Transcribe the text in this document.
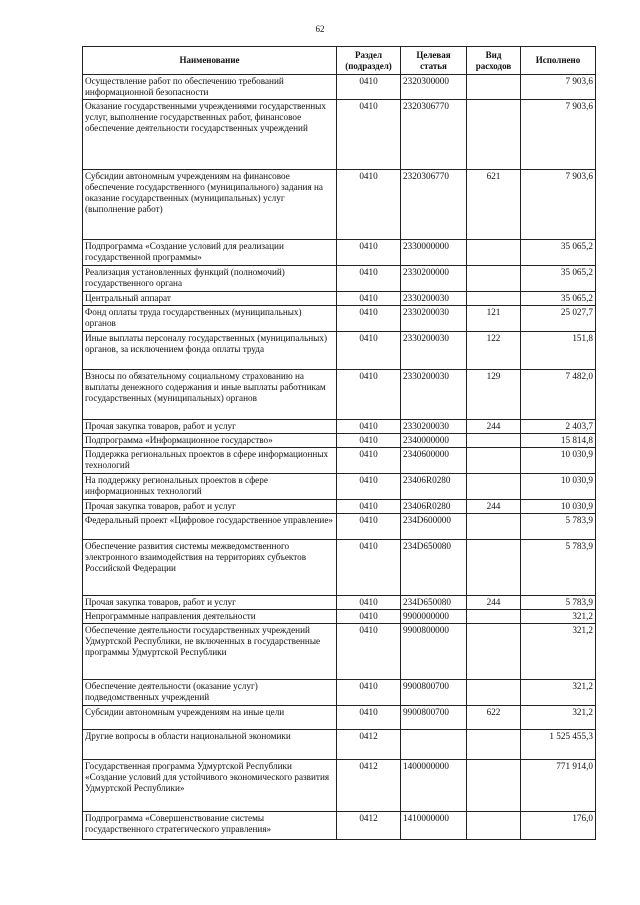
62
Наименование	Раздел (подраздел)	Целевая статья	Вид расходов	Исполнено
Осуществление работ по обеспечению требований информационной безопасности	0410	2320300000		7 903,6
Оказание государственными учреждениями государственных услуг, выполнение государственных работ, финансовое обеспечение деятельности государственных учреждений	0410	2320306770		7 903,6
Субсидии автономным учреждениям на финансовое обеспечение государственного (муниципального) задания на оказание государственных (муниципальных) услуг (выполнение работ)	0410	2320306770	621	7 903,6
Подпрограмма «Создание условий для реализации государственной программы»	0410	2330000000		35 065,2
Реализация установленных функций (полномочий) государственного органа	0410	2330200000		35 065,2
Центральный аппарат	0410	2330200030		35 065,2
Фонд оплаты труда государственных (муниципальных) органов	0410	2330200030	121	25 027,7
Иные выплаты персоналу государственных (муниципальных) органов, за исключением фонда оплаты труда	0410	2330200030	122	151,8
Взносы по обязательному социальному страхованию на выплаты денежного содержания и иные выплаты работникам государственных (муниципальных) органов	0410	2330200030	129	7 482,0
Прочая закупка товаров, работ и услуг	0410	2330200030	244	2 403,7
Подпрограмма «Информационное государство»	0410	2340000000		15 814,8
Поддержка региональных проектов в сфере информационных технологий	0410	2340600000		10 030,9
На поддержку региональных проектов в сфере информационных технологий	0410	23406R0280		10 030,9
Прочая закупка товаров, работ и услуг	0410	23406R0280	244	10 030,9
Федеральный проект «Цифровое государственное управление»	0410	234D600000		5 783,9
Обеспечение развития системы межведомственного электронного взаимодействия на территориях субъектов Российской Федерации	0410	234D650080		5 783,9
Прочая закупка товаров, работ и услуг	0410	234D650080	244	5 783,9
Непрограммные направления деятельности	0410	9900000000		321,2
Обеспечение деятельности государственных учреждений Удмуртской Республики, не включенных в государственные программы Удмуртской Республики	0410	9900800000		321,2
Обеспечение деятельности (оказание услуг) подведомственных учреждений	0410	9900800700		321,2
Субсидии автономным учреждениям на иные цели	0410	9900800700	622	321,2
Другие вопросы в области национальной экономики	0412			1 525 455,3
Государственная программа Удмуртской Республики «Создание условий для устойчивого экономического развития Удмуртской Республики»	0412	1400000000		771 914,0
Подпрограмма «Совершенствование системы государственного стратегического управления»	0412	1410000000		176,0
